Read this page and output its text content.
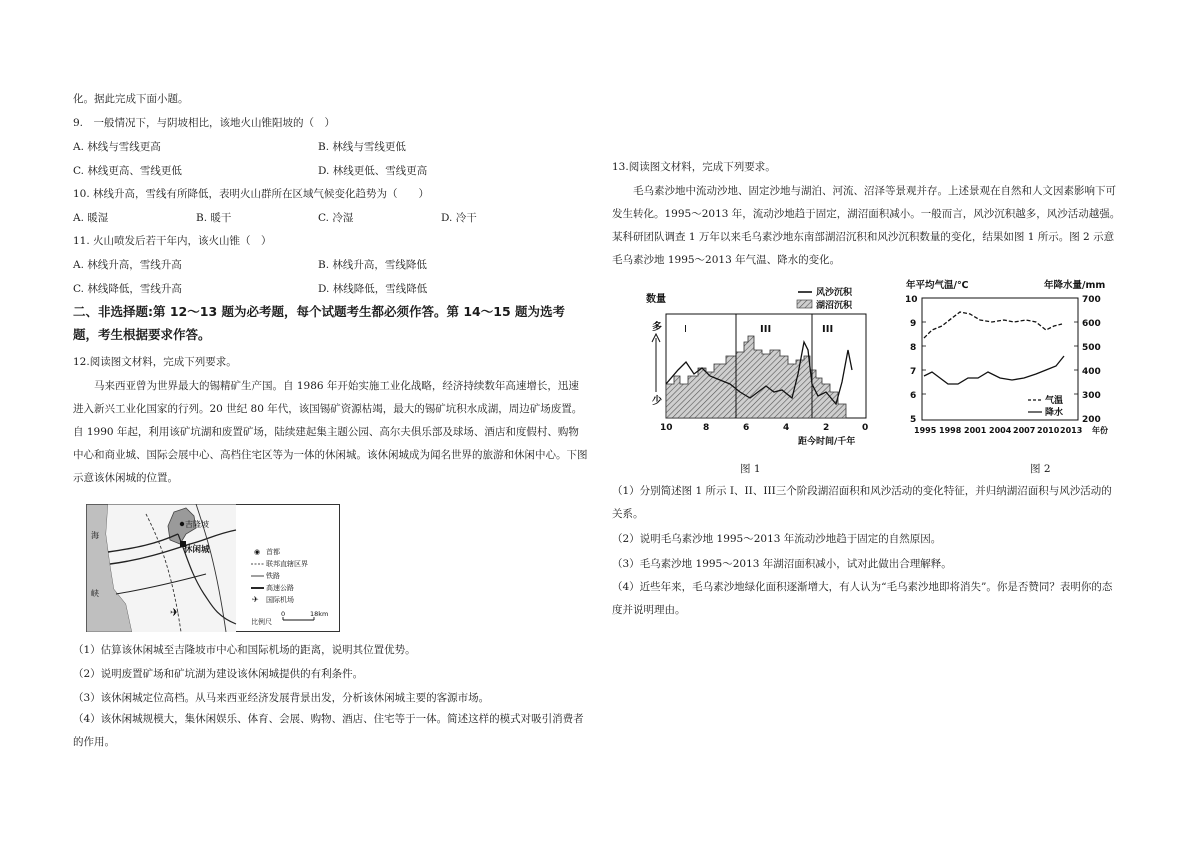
化。据此完成下面小题。
9.　一般情况下，与阴坡相比，该地火山锥阳坡的（　）
A. 林线与雪线更高	B. 林线与雪线更低
C. 林线更高、雪线更低	D. 林线更低、雪线更高
10. 林线升高，雪线有所降低，表明火山群所在区域气候变化趋势为（　　）
A. 暖湿	B. 暖干	C. 冷湿	D. 冷干
11. 火山喷发后若干年内，该火山锥（　）
A. 林线升高，雪线升高	B. 林线升高，雪线降低
C. 林线降低，雪线升高	D. 林线降低，雪线降低
二、非选择题:第 12～13 题为必考题，每个试题考生都必须作答。第 14～15 题为选考题，考生根据要求作答。
12.阅读图文材料，完成下列要求。
马来西亚曾为世界最大的锡精矿生产国。自 1986 年开始实施工业化战略，经济持续数年高速增长，迅速进入新兴工业化国家的行列。20 世纪 80 年代，该国锡矿资源枯竭，最大的锡矿坑积水成湖，周边矿场废置。自 1990 年起，利用该矿坑湖和废置矿场，陆续建起集主题公园、高尔夫俱乐部及球场、酒店和度假村、购物中心和商业城、国际会展中心、高档住宅区等为一体的休闲城。该休闲城成为闻名世界的旅游和休闲中心。下图示意该休闲城的位置。
✈
吉隆坡
休闲城
海
峡
◉ 首都
联邦直辖区界
铁路
高速公路
✈ 国际机场
比例尺
0	18km
（1）估算该休闲城至吉隆坡市中心和国际机场的距离，说明其位置优势。
（2）说明废置矿场和矿坑湖为建设该休闲城提供的有利条件。
（3）该休闲城定位高档。从马来西亚经济发展背景出发，分析该休闲城主要的客源市场。
（4）该休闲城规模大，集休闲娱乐、体育、会展、购物、酒店、住宅等于一体。简述这样的模式对吸引消费者的作用。
13.阅读图文材料，完成下列要求。
毛乌素沙地中流动沙地、固定沙地与湖泊、河流、沼泽等景观并存。上述景观在自然和人文因素影响下可发生转化。1995～2013 年，流动沙地趋于固定，湖沼面积减小。一般而言，风沙沉积越多，风沙活动越强。某科研团队调查 1 万年以来毛乌素沙地东南部湖沼沉积和风沙沉积数量的变化，结果如图 1 所示。图 2 示意毛乌素沙地 1995～2013 年气温、降水的变化。
数量
多
少
风沙沉积
湖沼沉积
I	III	III
10	8	6	4	2	0
距今时间/千年
图 1
年平均气温/℃	年降水量/mm
10
9
8
7
6
5
700
600
500
400
300
200
气温
降水
1995 1998 2001 2004 2007 2010 2013 年份
图 2
（1）分别简述图 1 所示 I、II、III三个阶段湖沼面积和风沙活动的变化特征，并归纳湖沼面积与风沙活动的关系。
（2）说明毛乌素沙地 1995～2013 年流动沙地趋于固定的自然原因。
（3）毛乌素沙地 1995～2013 年湖沼面积减小，试对此做出合理解释。
（4）近些年来，毛乌素沙地绿化面积逐渐增大，有人认为“毛乌素沙地即将消失”。你是否赞同？表明你的态度并说明理由。
